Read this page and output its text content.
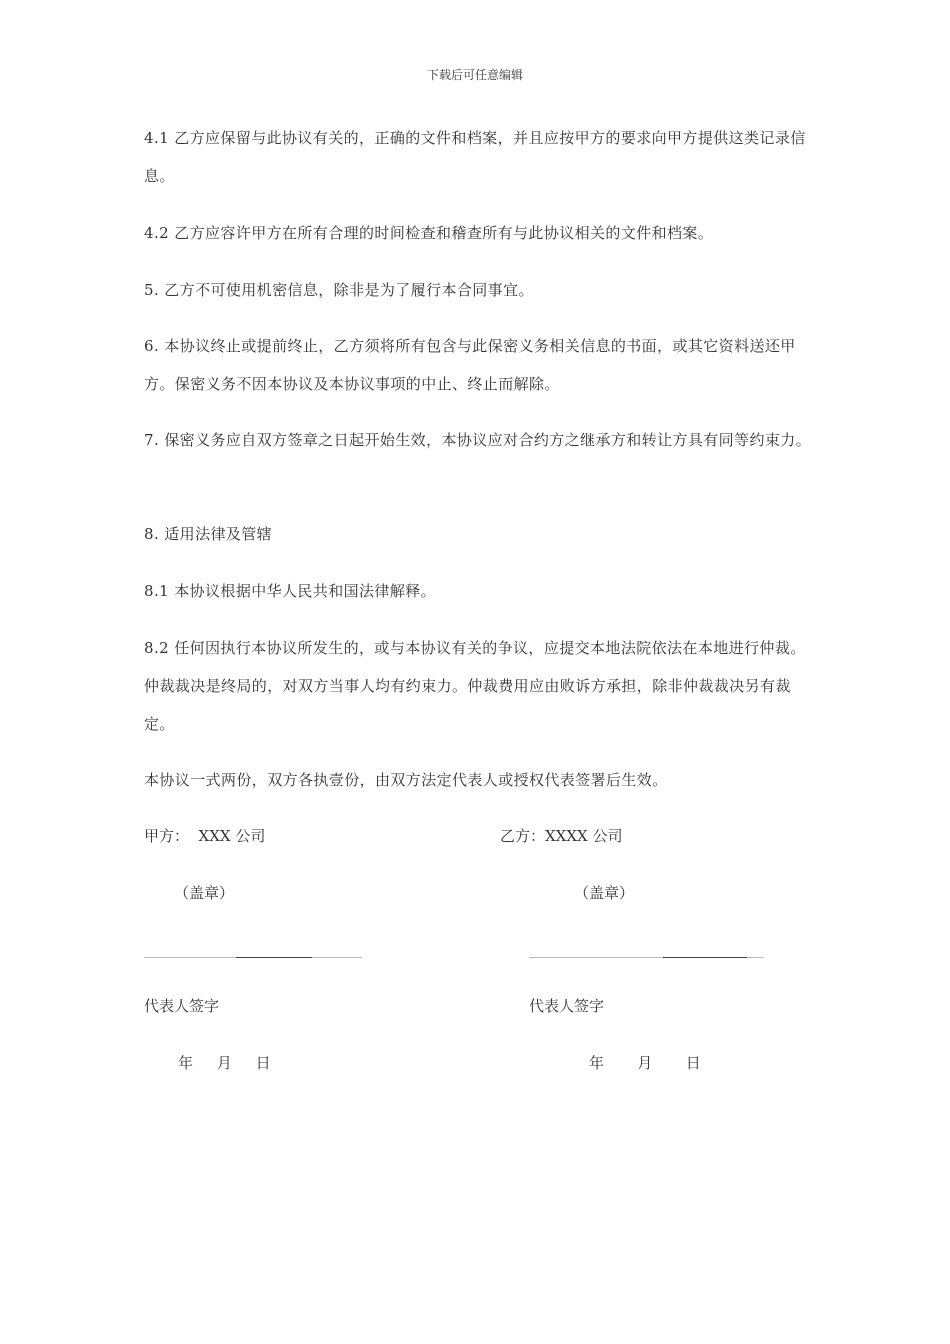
下载后可任意编辑

4.1 乙方应保留与此协议有关的，正确的文件和档案，并且应按甲方的要求向甲方提供这类记录信息。

4.2 乙方应容许甲方在所有合理的时间检查和稽查所有与此协议相关的文件和档案。

5. 乙方不可使用机密信息，除非是为了履行本合同事宜。

6. 本协议终止或提前终止，乙方须将所有包含与此保密义务相关信息的书面，或其它资料送还甲方。保密义务不因本协议及本协议事项的中止、终止而解除。

7. 保密义务应自双方签章之日起开始生效，本协议应对合约方之继承方和转让方具有同等约束力。

8. 适用法律及管辖

8.1 本协议根据中华人民共和国法律解释。

8.2 任何因执行本协议所发生的，或与本协议有关的争议，应提交本地法院依法在本地进行仲裁。仲裁裁决是终局的，对双方当事人均有约束力。仲裁费用应由败诉方承担，除非仲裁裁决另有裁定。

本协议一式两份，双方各执壹份，由双方法定代表人或授权代表签署后生效。

甲方：  XXX 公司

（盖章）

代表人签字

年     月     日

乙方：XXXX 公司

（盖章）

代表人签字

年       月       日
